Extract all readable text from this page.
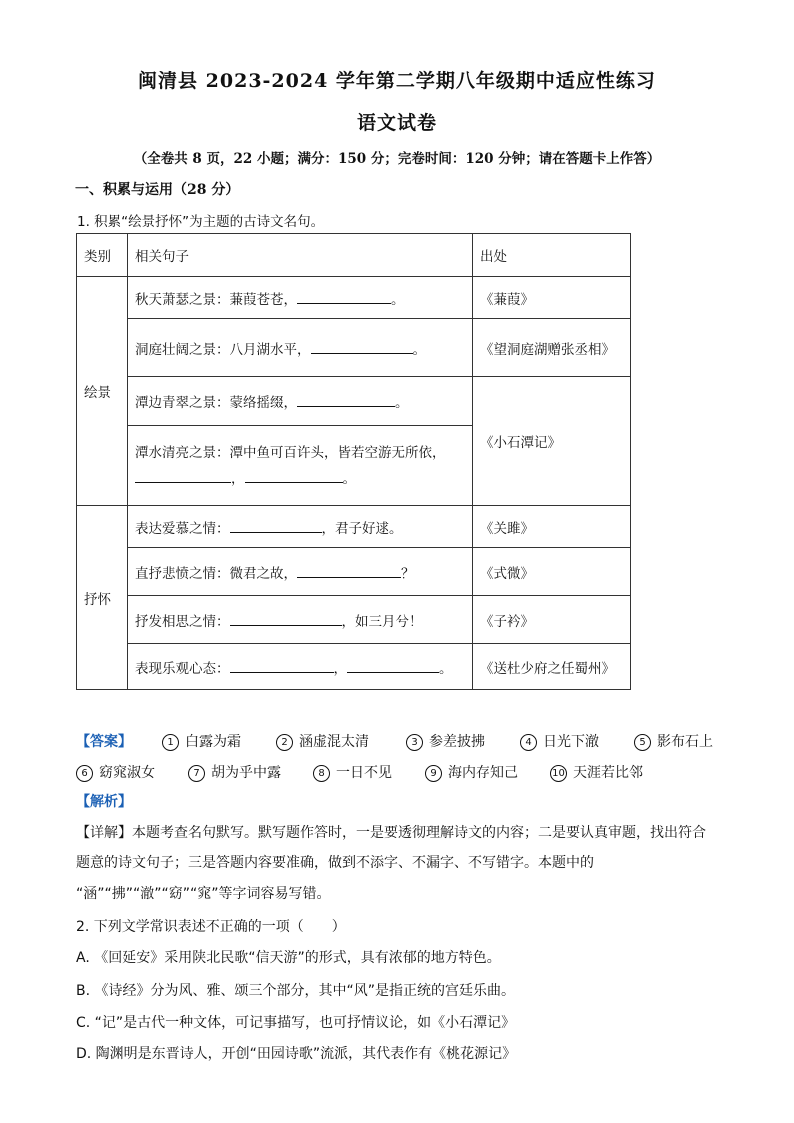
闽清县 2023-2024 学年第二学期八年级期中适应性练习
语文试卷
（全卷共 8 页，22 小题；满分：150 分；完卷时间：120 分钟；请在答题卡上作答）
一、积累与运用（28 分）
1. 积累“绘景抒怀”为主题的古诗文名句。
类别	相关句子	出处
绘景	秋天萧瑟之景：蒹葭苍苍， 。	《蒹葭》
	洞庭壮阔之景：八月湖水平， 。	《望洞庭湖赠张丞相》
	潭边青翠之景：蒙络摇缀， 。	《小石潭记》
	潭水清亮之景：潭中鱼可百许头，皆若空游无所依，
， 。	
抒怀	表达爱慕之情： ，君子好逑。	《关雎》
	直抒悲愤之情：微君之故， ？	《式微》
	抒发相思之情： ，如三月兮！	《子衿》
	表现乐观心态： ， 。	《送杜少府之任蜀州》
【答案】	1 白露为霜	2 涵虚混太清	3 参差披拂	4 日光下澈	5 影布石上
6 窈窕淑女	7 胡为乎中露	8 一日不见	9 海内存知己	10 天涯若比邻
【解析】
【详解】本题考查名句默写。默写题作答时，一是要透彻理解诗文的内容；二是要认真审题，找出符合
题意的诗文句子；三是答题内容要准确，做到不添字、不漏字、不写错字。本题中的
“涵”“拂”“澈”“窈”“窕”等字词容易写错。
2. 下列文学常识表述不正确的一项（　　）
A. 《回延安》采用陕北民歌“信天游”的形式，具有浓郁的地方特色。
B. 《诗经》分为风、雅、颂三个部分，其中“风”是指正统的宫廷乐曲。
C. “记”是古代一种文体，可记事描写，也可抒情议论，如《小石潭记》
D. 陶渊明是东晋诗人，开创“田园诗歌”流派，其代表作有《桃花源记》
